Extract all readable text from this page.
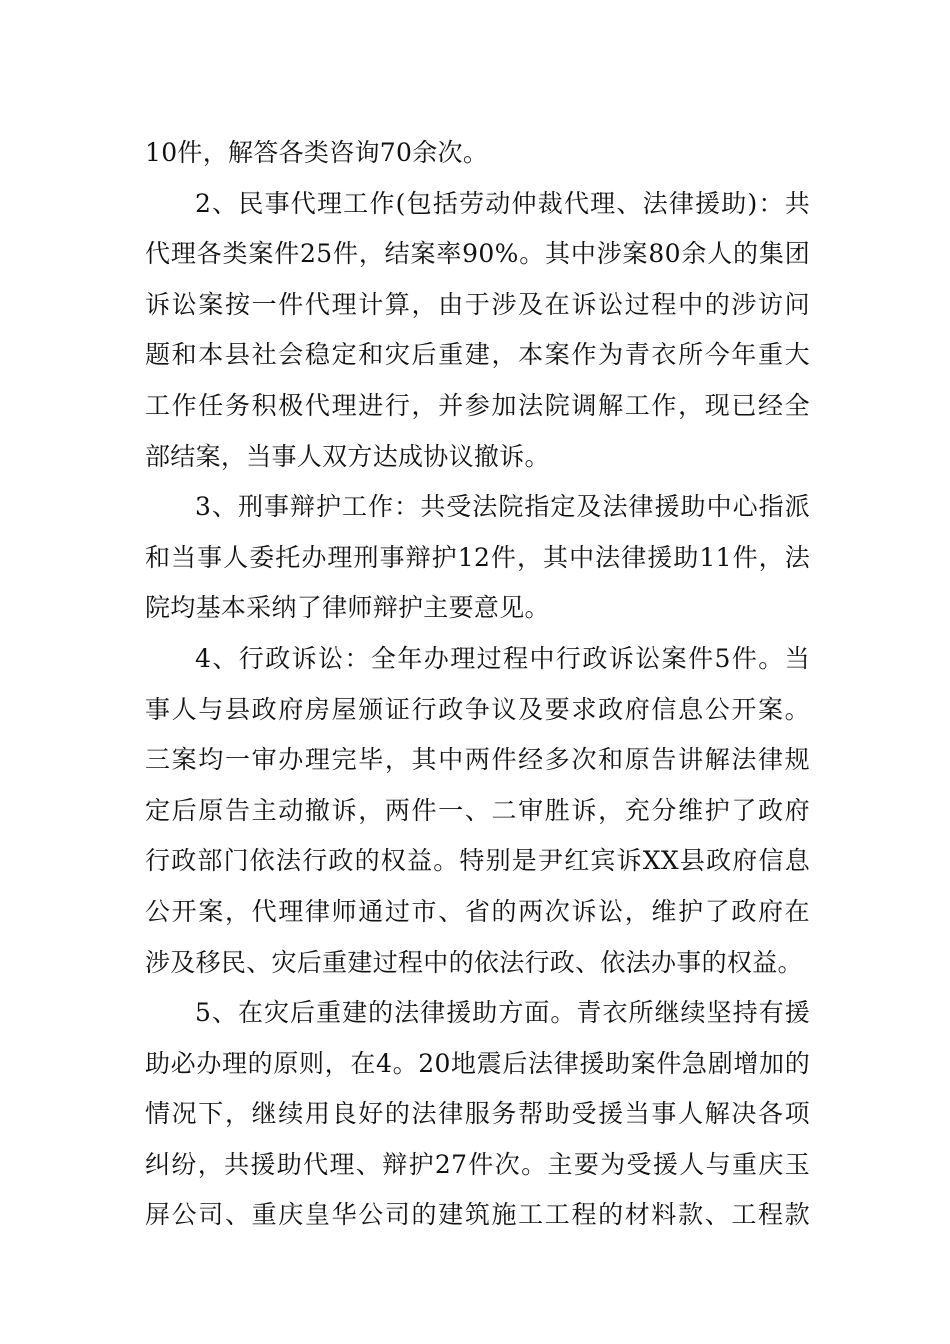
10件，解答各类咨询70余次。
2、民事代理工作(包括劳动仲裁代理、法律援助)：共
代理各类案件25件，结案率90%。其中涉案80余人的集团
诉讼案按一件代理计算，由于涉及在诉讼过程中的涉访问
题和本县社会稳定和灾后重建，本案作为青衣所今年重大
工作任务积极代理进行，并参加法院调解工作，现已经全
部结案，当事人双方达成协议撤诉。
3、刑事辩护工作：共受法院指定及法律援助中心指派
和当事人委托办理刑事辩护12件，其中法律援助11件，法
院均基本采纳了律师辩护主要意见。
4、行政诉讼：全年办理过程中行政诉讼案件5件。当
事人与县政府房屋颁证行政争议及要求政府信息公开案。
三案均一审办理完毕，其中两件经多次和原告讲解法律规
定后原告主动撤诉，两件一、二审胜诉，充分维护了政府
行政部门依法行政的权益。特别是尹红宾诉XX县政府信息
公开案，代理律师通过市、省的两次诉讼，维护了政府在
涉及移民、灾后重建过程中的依法行政、依法办事的权益。
5、在灾后重建的法律援助方面。青衣所继续坚持有援
助必办理的原则，在4。20地震后法律援助案件急剧增加的
情况下，继续用良好的法律服务帮助受援当事人解决各项
纠纷，共援助代理、辩护27件次。主要为受援人与重庆玉
屏公司、重庆皇华公司的建筑施工工程的材料款、工程款
